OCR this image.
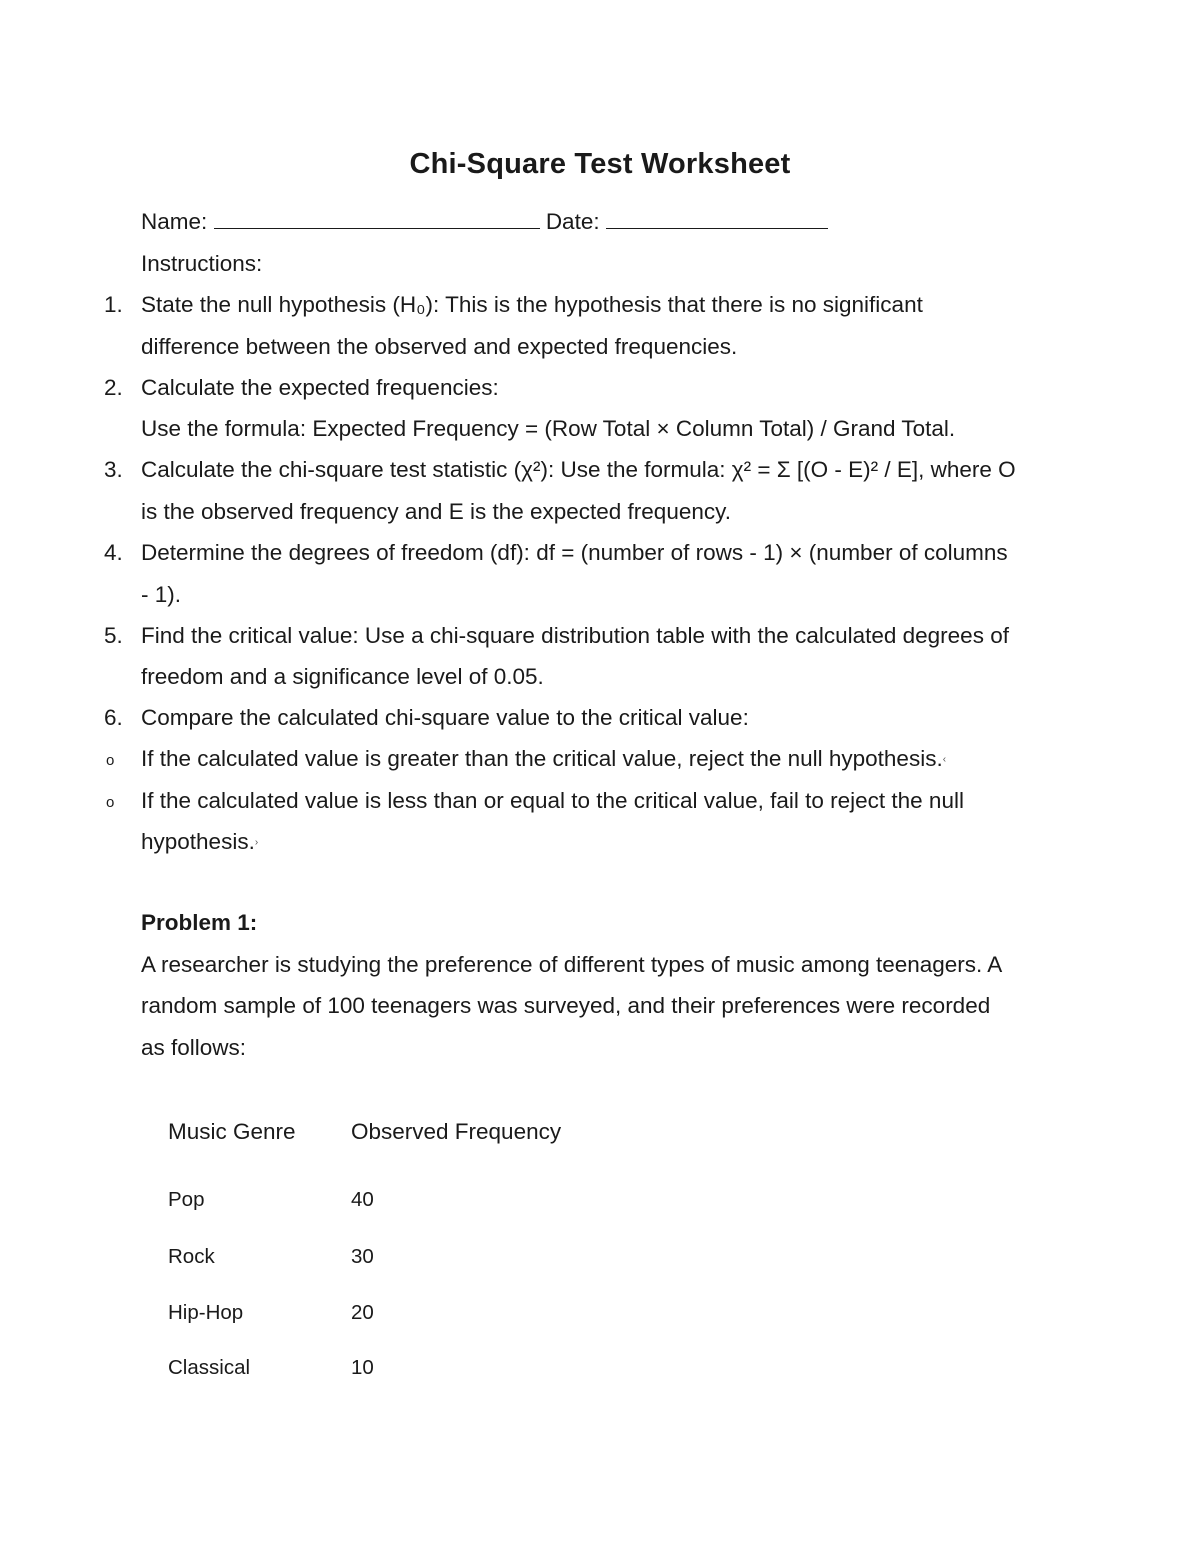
Chi-Square Test Worksheet
Name:	Date:
Instructions:
1. State the null hypothesis (H₀): This is the hypothesis that there is no significant
difference between the observed and expected frequencies.
2. Calculate the expected frequencies:
Use the formula: Expected Frequency = (Row Total × Column Total) / Grand Total.
3. Calculate the chi-square test statistic (χ²): Use the formula: χ² = Σ [(O - E)² / E], where O
is the observed frequency and E is the expected frequency.
4. Determine the degrees of freedom (df): df = (number of rows - 1) × (number of columns
- 1).
5. Find the critical value: Use a chi-square distribution table with the calculated degrees of
freedom and a significance level of 0.05.
6. Compare the calculated chi-square value to the critical value:
o If the calculated value is greater than the critical value, reject the null hypothesis.‹
o If the calculated value is less than or equal to the critical value, fail to reject the null
hypothesis.›
Problem 1:
A researcher is studying the preference of different types of music among teenagers. A
random sample of 100 teenagers was surveyed, and their preferences were recorded
as follows:
Music Genre Observed Frequency
Pop	40
Rock	30
Hip-Hop	20
Classical	10
